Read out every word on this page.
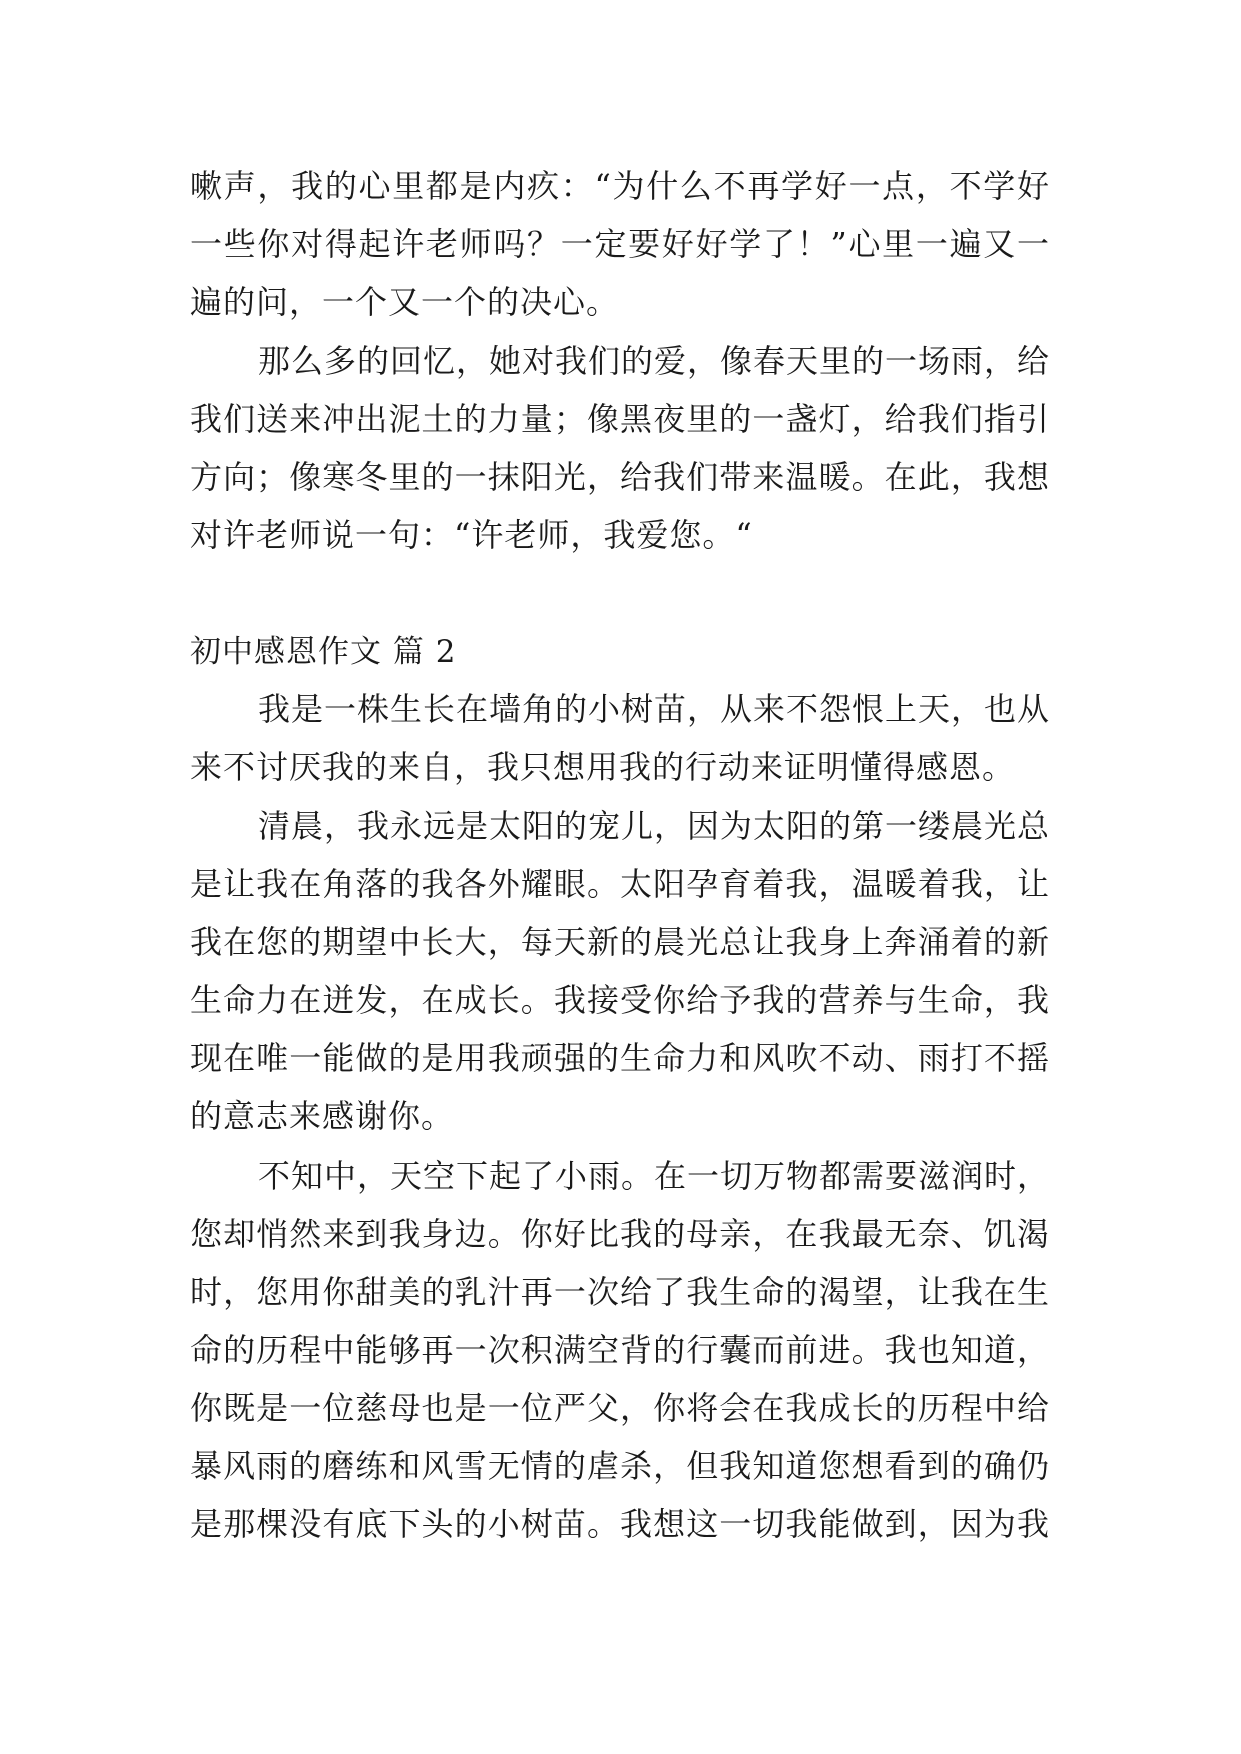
嗽声，我的心里都是内疚：“为什么不再学好一点，不学好
一些你对得起许老师吗？一定要好好学了！”心里一遍又一
遍的问，一个又一个的决心。
那么多的回忆，她对我们的爱，像春天里的一场雨，给
我们送来冲出泥土的力量；像黑夜里的一盏灯，给我们指引
方向；像寒冬里的一抹阳光，给我们带来温暖。在此，我想
对许老师说一句：“许老师，我爱您。“
初中感恩作文 篇 2
我是一株生长在墙角的小树苗，从来不怨恨上天，也从
来不讨厌我的来自，我只想用我的行动来证明懂得感恩。
清晨，我永远是太阳的宠儿，因为太阳的第一缕晨光总
是让我在角落的我各外耀眼。太阳孕育着我，温暖着我，让
我在您的期望中长大，每天新的晨光总让我身上奔涌着的新
生命力在迸发，在成长。我接受你给予我的营养与生命，我
现在唯一能做的是用我顽强的生命力和风吹不动、雨打不摇
的意志来感谢你。
不知中，天空下起了小雨。在一切万物都需要滋润时，
您却悄然来到我身边。你好比我的母亲，在我最无奈、饥渴
时，您用你甜美的乳汁再一次给了我生命的渴望，让我在生
命的历程中能够再一次积满空背的行囊而前进。我也知道，
你既是一位慈母也是一位严父，你将会在我成长的历程中给
暴风雨的磨练和风雪无情的虐杀，但我知道您想看到的确仍
是那棵没有底下头的小树苗。我想这一切我能做到，因为我
